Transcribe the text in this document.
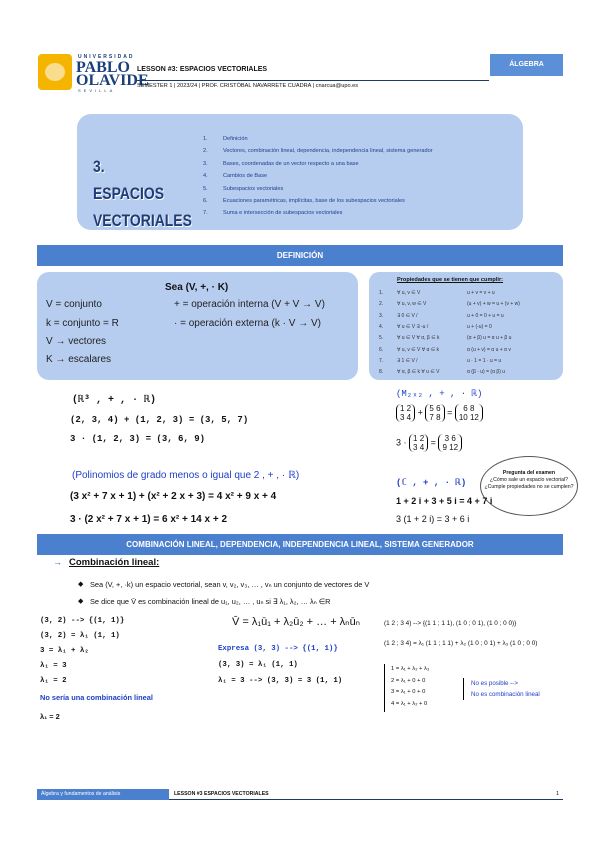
UNIVERSIDAD
PABLO
OLAVIDE
SEVILLA
LESSON #3: ESPACIOS VECTORIALES
SEMESTER 1 | 2023/24 | PROF. CRISTÓBAL NAVARRETE CUADRA | cnarcua@upo.es
ÁLGEBRA
3. ESPACIOS
VECTORIALES
1.	Definición
2.	Vectores, combinación lineal, dependencia, independencia lineal, sistema generador
3.	Bases, coordenadas de un vector respecto a una base
4.	Cambios de Base
5.	Subespacios vectoriales
6.	Ecuaciones paramétricas, implícitas, base de los subespacios vectoriales
7.	Suma e intersección de subespacios vectoriales
DEFINICIÓN
Sea (V, +, · K)
V = conjunto	+ = operación interna (V + V → V)
k = conjunto = R	· = operación externa (k · V → V)
V → vectores
K → escalares
Propiedades que se tienen que cumplir:
1.	∀ u, v ∈ V	u + v = v + u
2.	∀ u, v, w ∈ V	(u + v) + w = u + (v + w)
3.	∃ 0 ∈ V /	u + 0 = 0 + u = u
4.	∀ u ∈ V ∃ -u /	u + (-u) = 0
5.	∀ u ∈ V ∀ α, β ∈ k	(α + β) u = α u + β u
6.	∀ u, v ∈ V ∀ α ∈ k	α (u + v) = α u + α v
7.	∃ 1 ∈ V /	u · 1 = 1 · u = u
8.	∀ α, β ∈ k ∀ u ∈ V	α (β · u) = (α β) u
(ℝ³ , + , · ℝ)
(2, 3, 4) + (1, 2, 3) = (3, 5, 7)
3 · (1, 2, 3) = (3, 6, 9)
(Polinomios de grado menos o igual que 2 , + , · ℝ)
(3 x² + 7 x + 1) + (x² + 2 x + 3) = 4 x² + 9 x + 4
3 · (2 x² + 7 x + 1) = 6 x² + 14 x + 2
(M₂ₓ₂ , + , · ℝ)
1 2
3 4
+ 5 6
7 8
=	6 8
10 12
3 · 1 2
3 4
= 3 6
9 12
Pregunta del examen
¿Cómo sale un espacio vectorial?
¿Cumple propiedades no se cumplen?
(ℂ , + , · ℝ)
1 + 2 i + 3 + 5 i = 4 + 7 i
3 (1 + 2 i) = 3 + 6 i
COMBINACIÓN LINEAL, DEPENDENCIA, INDEPENDENCIA LINEAL, SISTEMA GENERADOR
→ Combinación lineal:
◆ Sea (V, +, ·k) un espacio vectorial, sean v, v₂, v₃, … , vₙ un conjunto de vectores de V
◆ Se dice que V̄ es combinación lineal de u₁, u₂, … , uₙ si ∃ λ₁, λ₂, … λₙ ∈R
(3, 2) --> {(1, 1)}
(3, 2) = λ₁ (1, 1)
3 = λ₁ + λ₂
λ₁ = 3
λ₁ = 2
No sería una combinación lineal
λ₁ = 2
V̄ = λ₁ū₁ + λ₂ū₂ + … + λₙūₙ
Expresa (3, 3) --> {(1, 1)}
(3, 3) = λ₁ (1, 1)
λ₁ = 3 --> (3, 3) = 3 (1, 1)
(1 2 ; 3 4) --> {(1 1 ; 1 1), (1 0 ; 0 1), (1 0 ; 0 0)}
(1 2 ; 3 4) = λ₁ (1 1 ; 1 1) + λ₂ (1 0 ; 0 1) + λ₃ (1 0 ; 0 0)
1 = λ₁ + λ₂ + λ₃
2 = λ₁ + 0 + 0
3 = λ₁ + 0 + 0
4 = λ₁ + λ₂ + 0
No es posible -->
No es combinación lineal
Álgebra y fundamentos de análisis	LESSON #3 ESPACIOS VECTORIALES	1
